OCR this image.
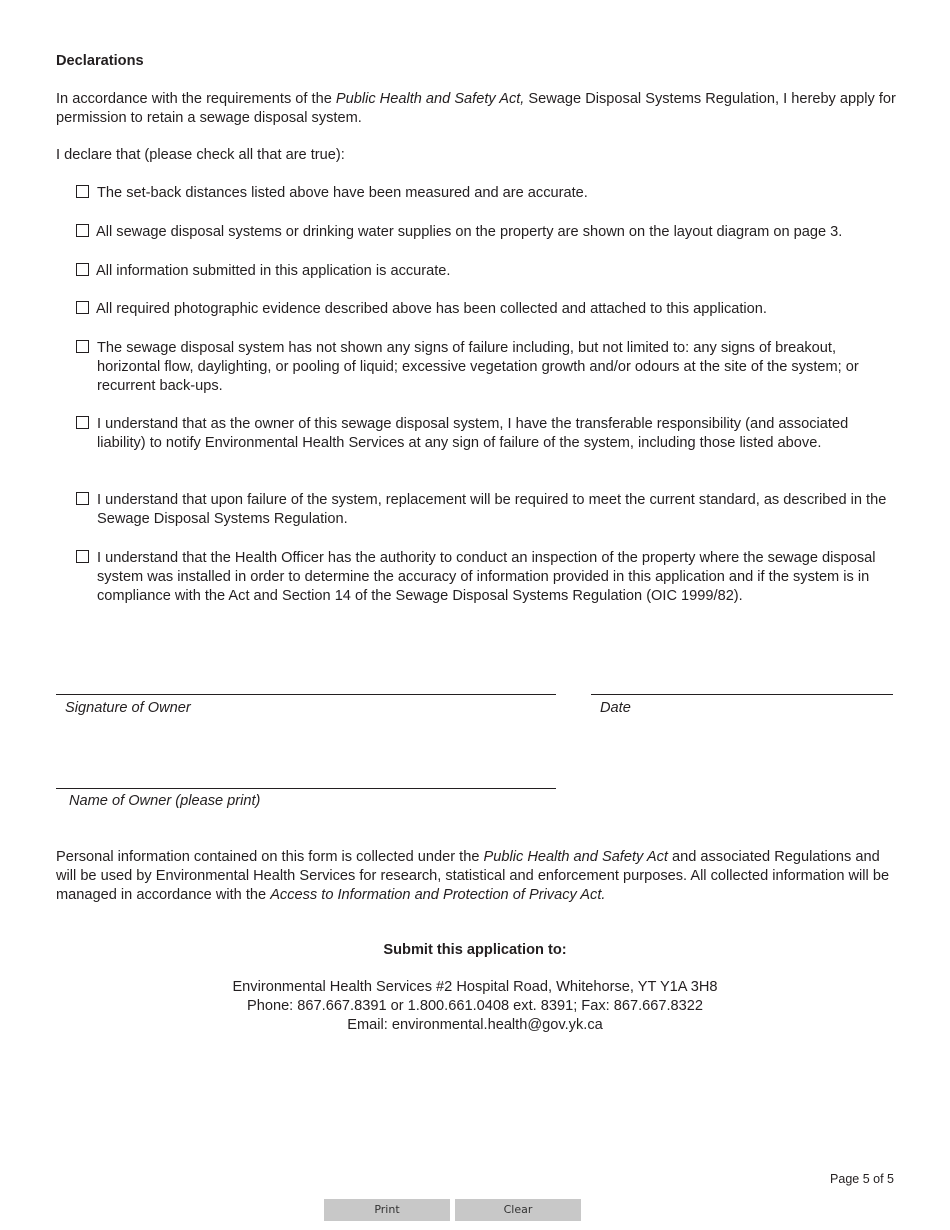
Declarations
In accordance with the requirements of the Public Health and Safety Act, Sewage Disposal Systems Regulation, I hereby apply for permission to retain a sewage disposal system.
I declare that (please check all that are true):
The set-back distances listed above have been measured and are accurate.
All sewage disposal systems or drinking water supplies on the property are shown on the layout diagram on page 3.
All information submitted in this application is accurate.
All required photographic evidence described above has been collected and attached to this application.
The sewage disposal system has not shown any signs of failure including, but not limited to: any signs of breakout, horizontal flow, daylighting, or pooling of liquid; excessive vegetation growth and/or odours at the site of the system; or recurrent back-ups.
I understand that as the owner of this sewage disposal system, I have the transferable responsibility (and associated liability) to notify Environmental Health Services at any sign of failure of the system, including those listed above.
I understand that upon failure of the system, replacement will be required to meet the current standard, as described in the Sewage Disposal Systems Regulation.
I understand that the Health Officer has the authority to conduct an inspection of the property where the sewage disposal system was installed in order to determine the accuracy of information provided in this application and if the system is in compliance with the Act and Section 14 of the Sewage Disposal Systems Regulation (OIC 1999/82).
Signature of Owner	Date
Name of Owner (please print)
Personal information contained on this form is collected under the Public Health and Safety Act and associated Regulations and will be used by Environmental Health Services for research, statistical and enforcement purposes. All collected information will be managed in accordance with the Access to Information and Protection of Privacy Act.
Submit this application to:
Environmental Health Services #2 Hospital Road, Whitehorse, YT Y1A 3H8
Phone: 867.667.8391 or 1.800.661.0408 ext. 8391; Fax: 867.667.8322
Email: environmental.health@gov.yk.ca
Page 5 of 5
Print	Clear
